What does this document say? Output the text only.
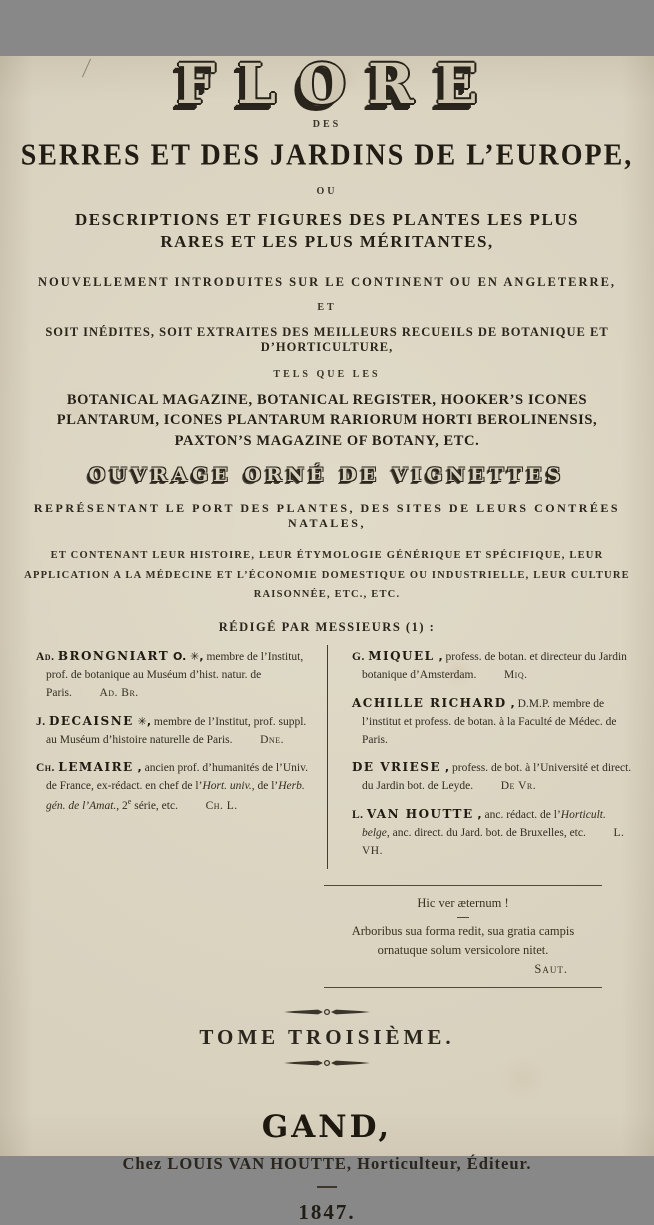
FLORE
DES
SERRES ET DES JARDINS DE L’EUROPE,
OU
DESCRIPTIONS ET FIGURES DES PLANTES LES PLUS RARES ET LES PLUS MÉRITANTES,
NOUVELLEMENT INTRODUITES SUR LE CONTINENT OU EN ANGLETERRE,
ET
SOIT INÉDITES, SOIT EXTRAITES DES MEILLEURS RECUEILS DE BOTANIQUE ET D’HORTICULTURE,
TELS QUE LES
BOTANICAL MAGAZINE, BOTANICAL REGISTER, HOOKER’S ICONES PLANTARUM, ICONES PLANTARUM RARIORUM HORTI BEROLINENSIS, PAXTON’S MAGAZINE OF BOTANY, ETC.
OUVRAGE ORNÉ DE VIGNETTES
REPRÉSENTANT LE PORT DES PLANTES, DES SITES DE LEURS CONTRÉES NATALES,
ET CONTENANT LEUR HISTOIRE, LEUR ÉTYMOLOGIE GÉNÉRIQUE ET SPÉCIFIQUE, LEUR APPLICATION A LA MÉDECINE ET L’ÉCONOMIE DOMESTIQUE OU INDUSTRIELLE, LEUR CULTURE RAISONNÉE, ETC., ETC.
RÉDIGÉ PAR MESSIEURS (1) :

Ad. BRONGNIART O. ✳, membre de l’Institut, prof. de botanique au Muséum d’hist. natur. de Paris. Ad. Br.

J. DECAISNE ✳, membre de l’Institut, prof. suppl. au Muséum d’histoire naturelle de Paris. Dne.

Ch. LEMAIRE , ancien prof. d’humanités de l’Univ. de France, ex-rédact. en chef de l’Hort. univ., de l’Herb. gén. de l’Amat., 2e série, etc. Ch. L.

G. MIQUEL , profess. de botan. et directeur du Jardin botanique d’Amsterdam. Miq.

ACHILLE RICHARD , D.M.P. membre de l’institut et profess. de botan. à la Faculté de Médec. de Paris.

DE VRIESE , profess. de bot. à l’Université et direct. du Jardin bot. de Leyde. De Vr.

L. VAN HOUTTE , anc. rédact. de l’Horticult. belge, anc. direct. du Jard. bot. de Bruxelles, etc. L. VH.

Hic ver æternum !
Arboribus sua forma redit, sua gratia campis
ornatuque solum versicolore nitet.
Saut.
TOME TROISIÈME.
GAND,
Chez LOUIS VAN HOUTTE, Horticulteur, Éditeur.
1847.
